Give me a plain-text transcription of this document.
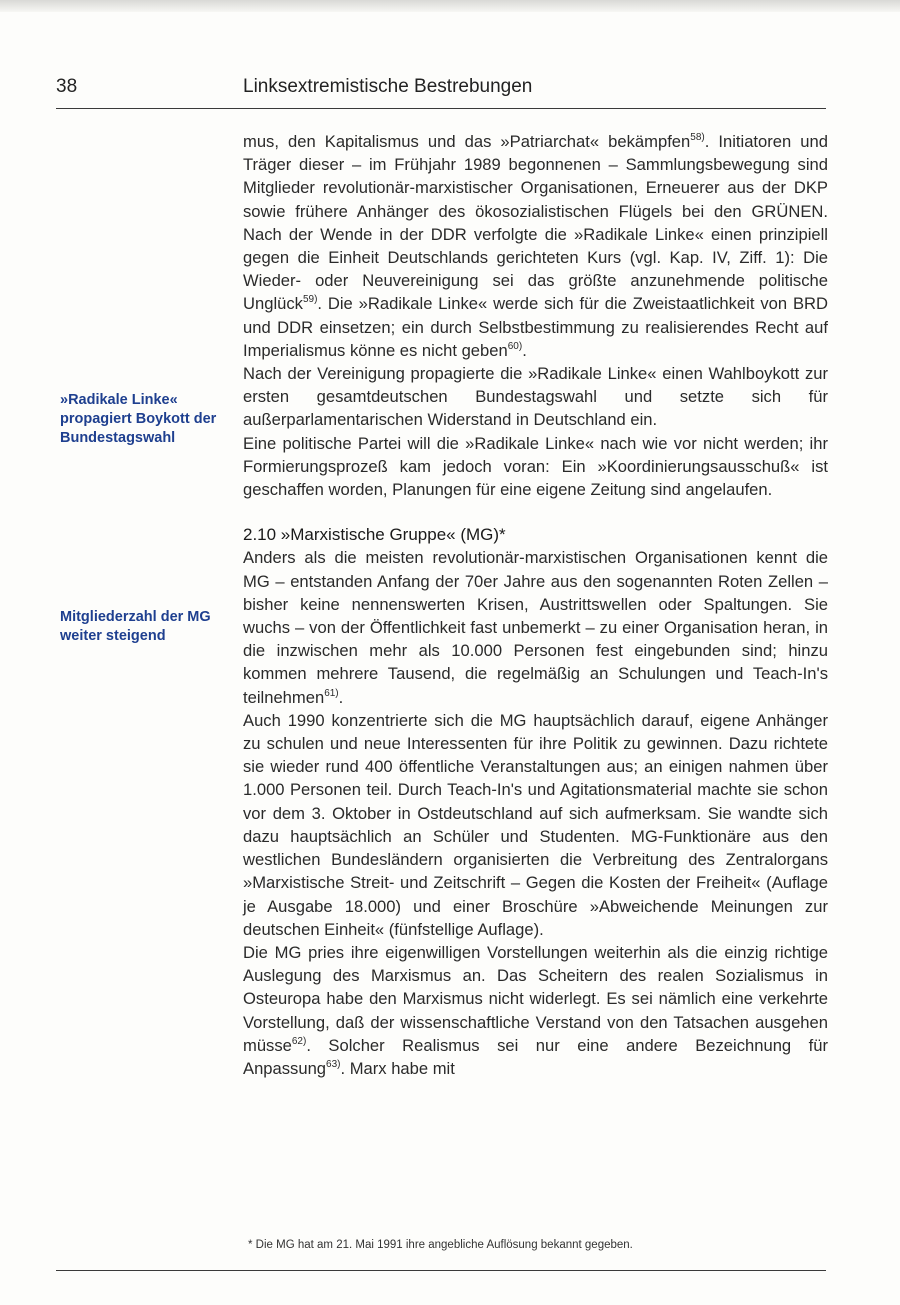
38	Linksextremistische Bestrebungen
»Radikale Linke« propagiert Boykott der Bundestagswahl
Mitgliederzahl der MG weiter steigend

mus, den Kapitalismus und das »Patriarchat« bekämpfen$^{58)}$. Initiatoren und Träger dieser – im Frühjahr 1989 begonnenen – Sammlungsbewegung sind Mitglieder revolutionär-marxistischer Organisationen, Erneuerer aus der DKP sowie frühere Anhänger des ökosozialistischen Flügels bei den GRÜNEN. Nach der Wende in der DDR verfolgte die »Radikale Linke« einen prinzipiell gegen die Einheit Deutschlands gerichteten Kurs (vgl. Kap. IV, Ziff. 1): Die Wieder- oder Neuvereinigung sei das größte anzunehmende politische Unglück$^{59)}$. Die »Radikale Linke« werde sich für die Zweistaatlichkeit von BRD und DDR einsetzen; ein durch Selbstbestimmung zu realisierendes Recht auf Imperialismus könne es nicht geben$^{60)}$.
Nach der Vereinigung propagierte die »Radikale Linke« einen Wahlboykott zur ersten gesamtdeutschen Bundestagswahl und setzte sich für außerparlamentarischen Widerstand in Deutschland ein.

Eine politische Partei will die »Radikale Linke« nach wie vor nicht werden; ihr Formierungsprozeß kam jedoch voran: Ein »Koordinierungsausschuß« ist geschaffen worden, Planungen für eine eigene Zeitung sind angelaufen.

2.10 »Marxistische Gruppe« (MG)*

Anders als die meisten revolutionär-marxistischen Organisationen kennt die MG – entstanden Anfang der 70er Jahre aus den sogenannten Roten Zellen – bisher keine nennenswerten Krisen, Austrittswellen oder Spaltungen. Sie wuchs – von der Öffentlichkeit fast unbemerkt – zu einer Organisation heran, in die inzwischen mehr als 10.000 Personen fest eingebunden sind; hinzu kommen mehrere Tausend, die regelmäßig an Schulungen und Teach-In's teilnehmen$^{61)}$.

Auch 1990 konzentrierte sich die MG hauptsächlich darauf, eigene Anhänger zu schulen und neue Interessenten für ihre Politik zu gewinnen. Dazu richtete sie wieder rund 400 öffentliche Veranstaltungen aus; an einigen nahmen über 1.000 Personen teil. Durch Teach-In's und Agitationsmaterial machte sie schon vor dem 3. Oktober in Ostdeutschland auf sich aufmerksam. Sie wandte sich dazu hauptsächlich an Schüler und Studenten. MG-Funktionäre aus den westlichen Bundesländern organisierten die Verbreitung des Zentralorgans »Marxistische Streit- und Zeitschrift – Gegen die Kosten der Freiheit« (Auflage je Ausgabe 18.000) und einer Broschüre »Abweichende Meinungen zur deutschen Einheit« (fünfstellige Auflage).

Die MG pries ihre eigenwilligen Vorstellungen weiterhin als die einzig richtige Auslegung des Marxismus an. Das Scheitern des realen Sozialismus in Osteuropa habe den Marxismus nicht widerlegt. Es sei nämlich eine verkehrte Vorstellung, daß der wissenschaftliche Verstand von den Tatsachen ausgehen müsse$^{62)}$. Solcher Realismus sei nur eine andere Bezeichnung für Anpassung$^{63)}$. Marx habe mit

* Die MG hat am 21. Mai 1991 ihre angebliche Auflösung bekannt gegeben.
